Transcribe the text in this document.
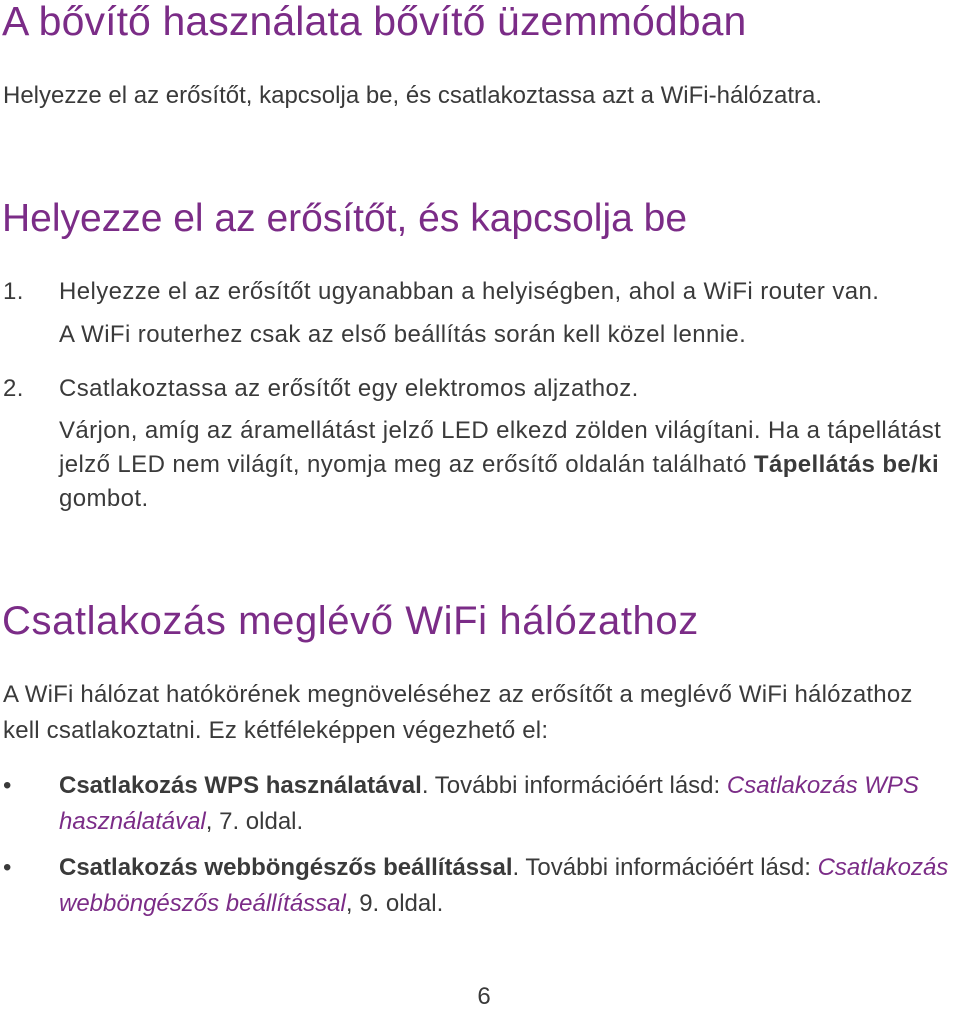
A bővítő használata bővítő üzemmódban
Helyezze el az erősítőt, kapcsolja be, és csatlakoztassa azt a WiFi-hálózatra.
Helyezze el az erősítőt, és kapcsolja be
1. Helyezze el az erősítőt ugyanabban a helyiségben, ahol a WiFi router van.

A WiFi routerhez csak az első beállítás során kell közel lennie.

2. Csatlakoztassa az erősítőt egy elektromos aljzathoz.

Várjon, amíg az áramellátást jelző LED elkezd zölden világítani. Ha a tápellátást jelző LED nem világít, nyomja meg az erősítő oldalán található Tápellátás be/ki gombot.

Csatlakozás meglévő WiFi hálózathoz
A WiFi hálózat hatókörének megnöveléséhez az erősítőt a meglévő WiFi hálózathoz kell csatlakoztatni. Ez kétféleképpen végezhető el:
• Csatlakozás WPS használatával. További információért lásd: Csatlakozás WPS használatával, 7. oldal.
• Csatlakozás webböngészős beállítással. További információért lásd: Csatlakozás webböngészős beállítással, 9. oldal.
6
